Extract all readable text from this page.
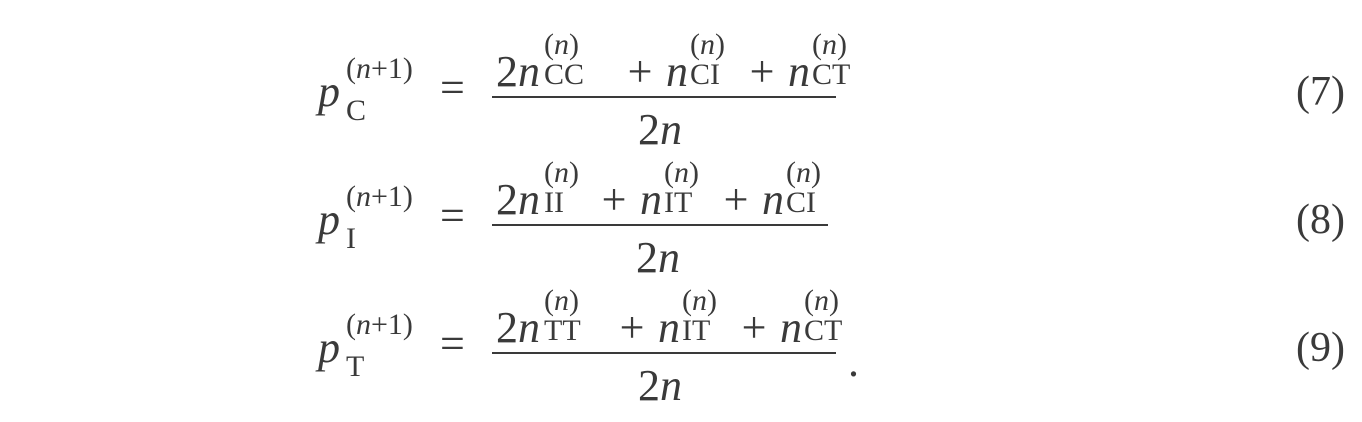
p (n+1)
C = 2n
(n)
CC + n
(n)
CI + n
(n)
CT
2n
(7)
p (n+1)
I = 2n
(n)
II + n
(n)
IT + n
(n)
CI
2n
(8)
p (n+1)
T = 2n
(n)
TT + n
(n)
IT + n
(n)
CT
2n
(9)
.
